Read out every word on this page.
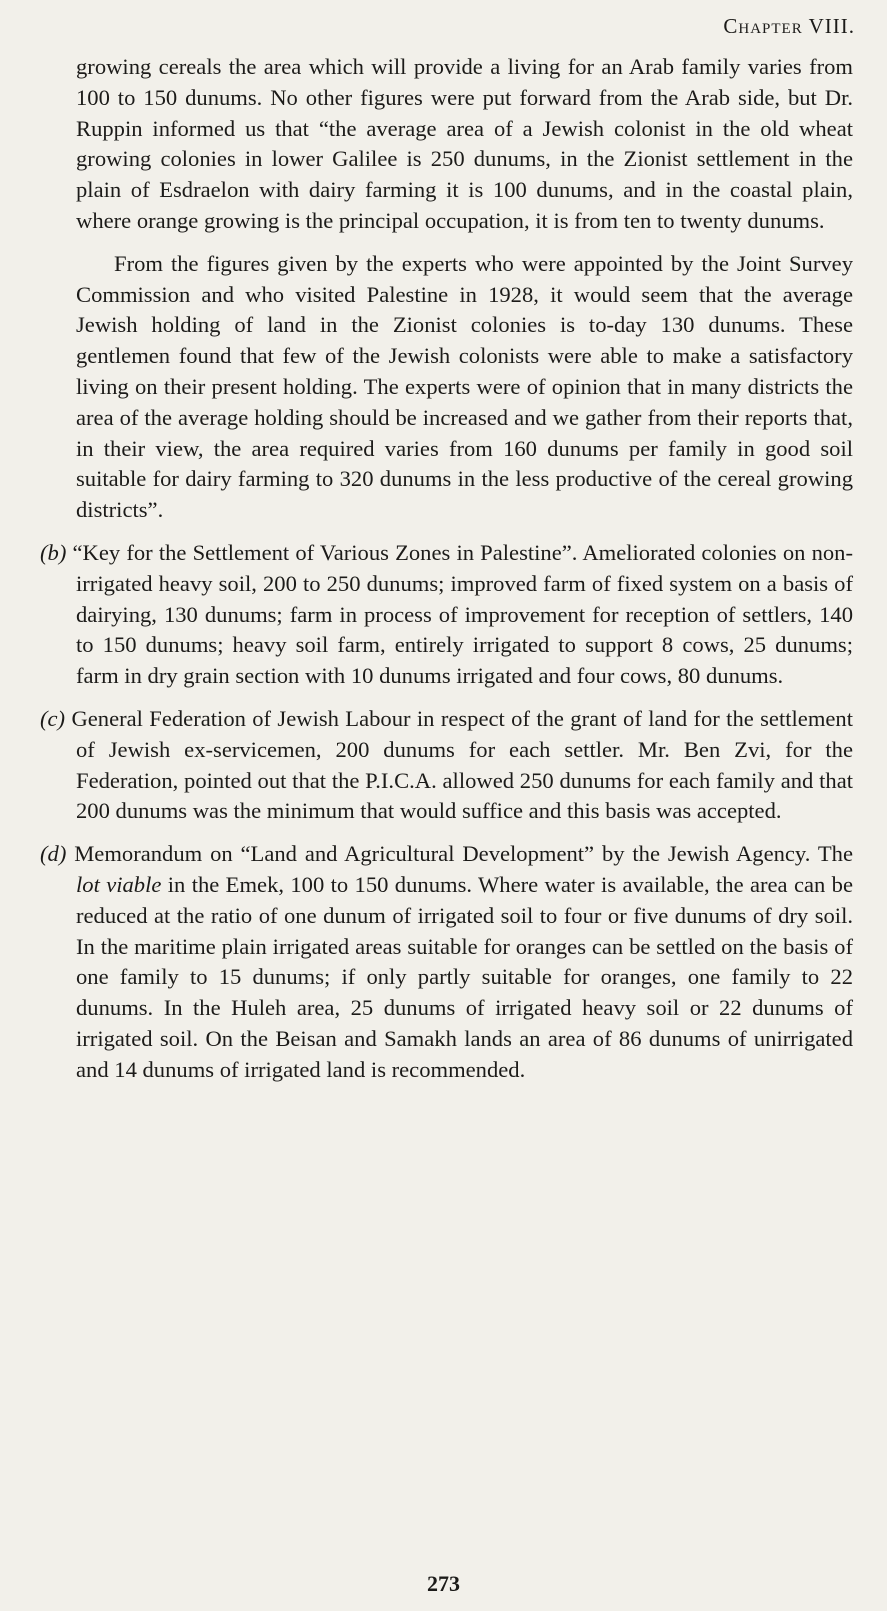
Chapter VIII.

growing cereals the area which will provide a living for an Arab family varies from 100 to 150 dunums. No other figures were put forward from the Arab side, but Dr. Ruppin informed us that “the average area of a Jewish colonist in the old wheat growing colonies in lower Galilee is 250 dunums, in the Zionist settlement in the plain of Esdraelon with dairy farming it is 100 dunums, and in the coastal plain, where orange growing is the principal occupation, it is from ten to twenty dunums.

From the figures given by the experts who were appointed by the Joint Survey Commission and who visited Palestine in 1928, it would seem that the average Jewish holding of land in the Zionist colonies is to-day 130 dunums. These gentlemen found that few of the Jewish colonists were able to make a satisfactory living on their present holding. The experts were of opinion that in many districts the area of the average holding should be increased and we gather from their reports that, in their view, the area required varies from 160 dunums per family in good soil suitable for dairy farming to 320 dunums in the less productive of the cereal growing districts”.

(b) “Key for the Settlement of Various Zones in Palestine”. Ameliorated colonies on non-irrigated heavy soil, 200 to 250 dunums; improved farm of fixed system on a basis of dairying, 130 dunums; farm in process of improvement for reception of settlers, 140 to 150 dunums; heavy soil farm, entirely irrigated to support 8 cows, 25 dunums; farm in dry grain section with 10 dunums irrigated and four cows, 80 dunums.

(c) General Federation of Jewish Labour in respect of the grant of land for the settlement of Jewish ex-servicemen, 200 dunums for each settler. Mr. Ben Zvi, for the Federation, pointed out that the P.I.C.A. allowed 250 dunums for each family and that 200 dunums was the minimum that would suffice and this basis was accepted.

(d) Memorandum on “Land and Agricultural Development” by the Jewish Agency. The lot viable in the Emek, 100 to 150 dunums. Where water is available, the area can be reduced at the ratio of one dunum of irrigated soil to four or five dunums of dry soil. In the maritime plain irrigated areas suitable for oranges can be settled on the basis of one family to 15 dunums; if only partly suitable for oranges, one family to 22 dunums. In the Huleh area, 25 dunums of irrigated heavy soil or 22 dunums of irrigated soil. On the Beisan and Samakh lands an area of 86 dunums of unirrigated and 14 dunums of irrigated land is recommended.

273
